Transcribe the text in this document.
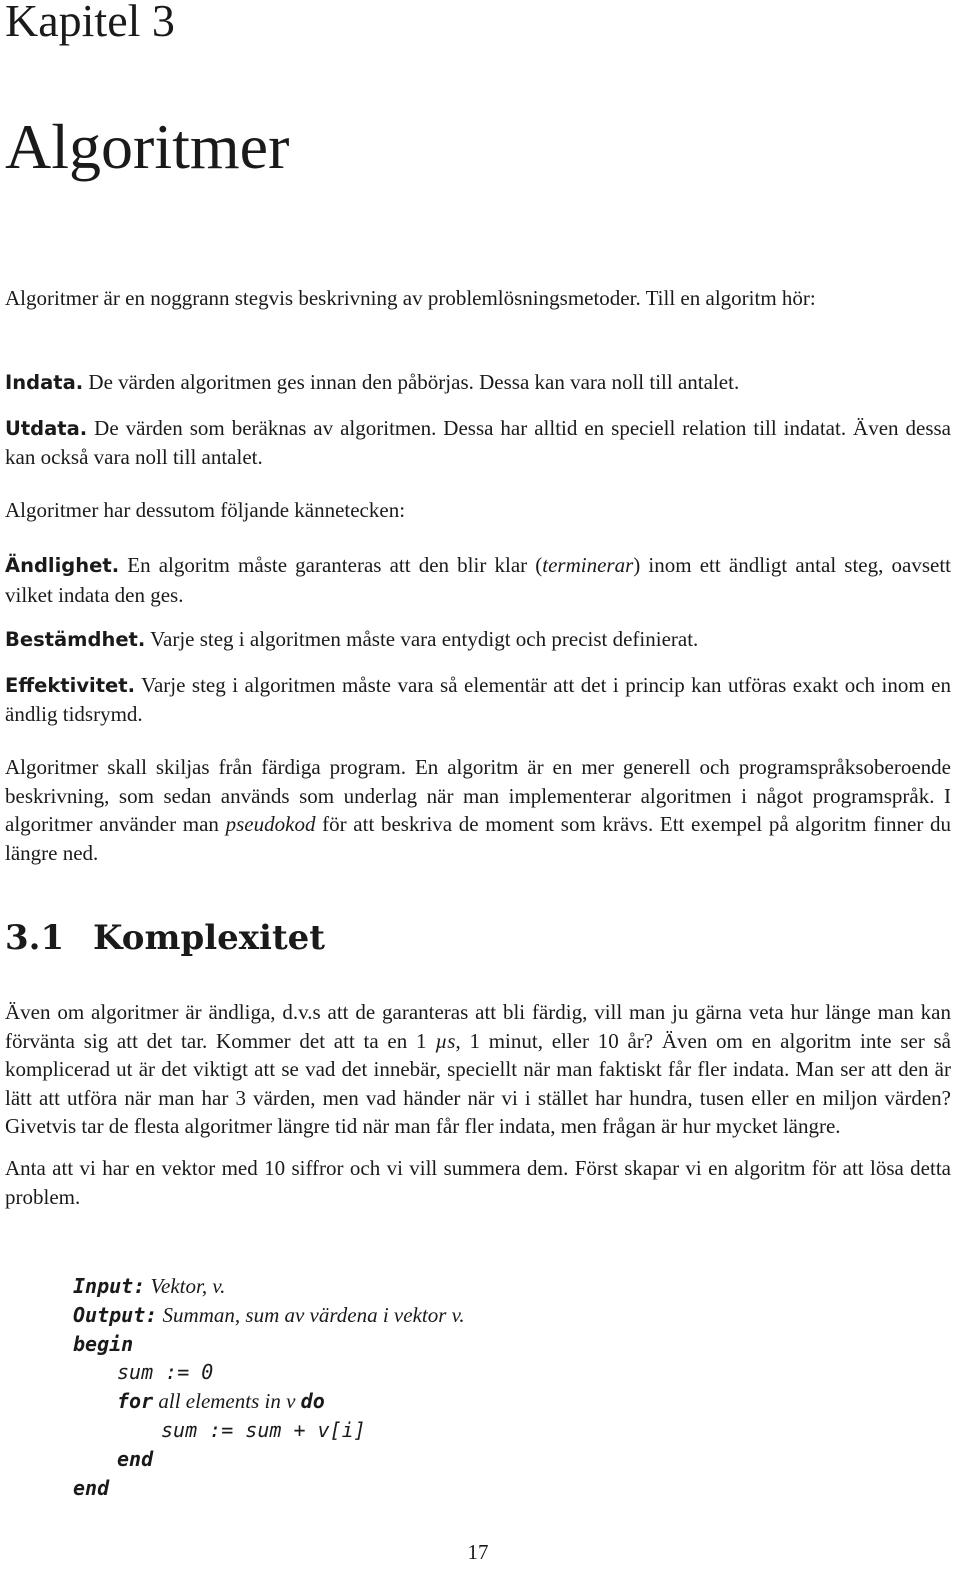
Kapitel 3
Algoritmer

Algoritmer är en noggrann stegvis beskrivning av problemlösningsmetoder. Till en algoritm hör:

Indata. De värden algoritmen ges innan den påbörjas. Dessa kan vara noll till antalet.
Utdata. De värden som beräknas av algoritmen. Dessa har alltid en speciell relation till indatat. Även dessa kan också vara noll till antalet.

Algoritmer har dessutom följande kännetecken:

Ändlighet. En algoritm måste garanteras att den blir klar (terminerar) inom ett ändligt antal steg, oavsett vilket indata den ges.
Bestämdhet. Varje steg i algoritmen måste vara entydigt och precist definierat.
Effektivitet. Varje steg i algoritmen måste vara så elementär att det i princip kan utföras exakt och inom en ändlig tidsrymd.

Algoritmer skall skiljas från färdiga program. En algoritm är en mer generell och programspråksoberoende beskrivning, som sedan används som underlag när man implementerar algoritmen i något programspråk. I algoritmer använder man pseudokod för att beskriva de moment som krävs. Ett exempel på algoritm finner du längre ned.

3.1 Komplexitet

Även om algoritmer är ändliga, d.v.s att de garanteras att bli färdig, vill man ju gärna veta hur länge man kan förvänta sig att det tar. Kommer det att ta en 1 µs, 1 minut, eller 10 år? Även om en algoritm inte ser så komplicerad ut är det viktigt att se vad det innebär, speciellt när man faktiskt får fler indata. Man ser att den är lätt att utföra när man har 3 värden, men vad händer när vi i stället har hundra, tusen eller en miljon värden? Givetvis tar de flesta algoritmer längre tid när man får fler indata, men frågan är hur mycket längre.

Anta att vi har en vektor med 10 siffror och vi vill summera dem. Först skapar vi en algoritm för att lösa detta problem.

Input: Vektor, v.
Output: Summan, sum av värdena i vektor v.
begin
sum := 0
for all elements in v do
sum := sum + v[i]
end
end
17
